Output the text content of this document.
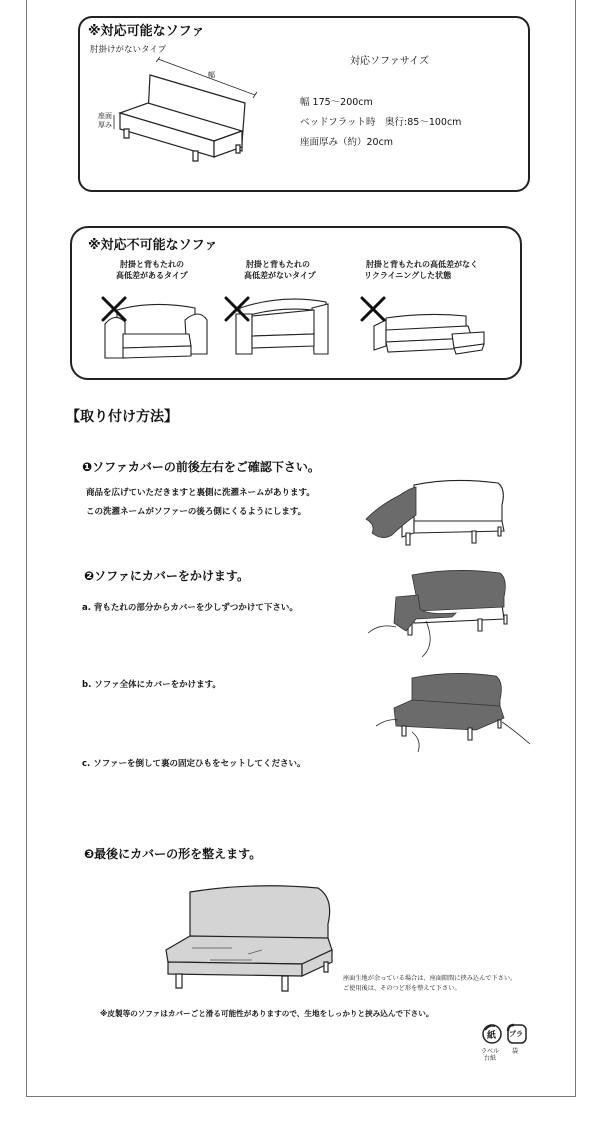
※対応可能なソファ
肘掛けがないタイプ
幅
座面
厚み
対応ソファサイズ
幅 175〜200cm
ベッドフラット時　奥行:85〜100cm
座面厚み（約）20cm
※対応不可能なソファ
肘掛と背もたれの
高低差があるタイプ
肘掛と背もたれの
高低差がないタイプ
肘掛と背もたれの高低差がなく
リクライニングした状態
【取り付け方法】
❶ソファカバーの前後左右をご確認下さい。
商品を広げていただきますと裏側に洗濯ネームがあります。
この洗濯ネームがソファーの後ろ側にくるようにします。
❷ソファにカバーをかけます。
a. 背もたれの部分からカバーを少しずつかけて下さい。
b. ソファ全体にカバーをかけます。
c. ソファーを倒して裏の固定ひもをセットしてください。
❸最後にカバーの形を整えます。
座面生地が余っている場合は、座面隙間に挟み込んで下さい。
ご使用後は、そのつど形を整えて下さい。
※皮製等のソファはカバーごと滑る可能性がありますので、生地をしっかりと挟み込んで下さい。
紙 プラ
ラベル
台紙
袋
